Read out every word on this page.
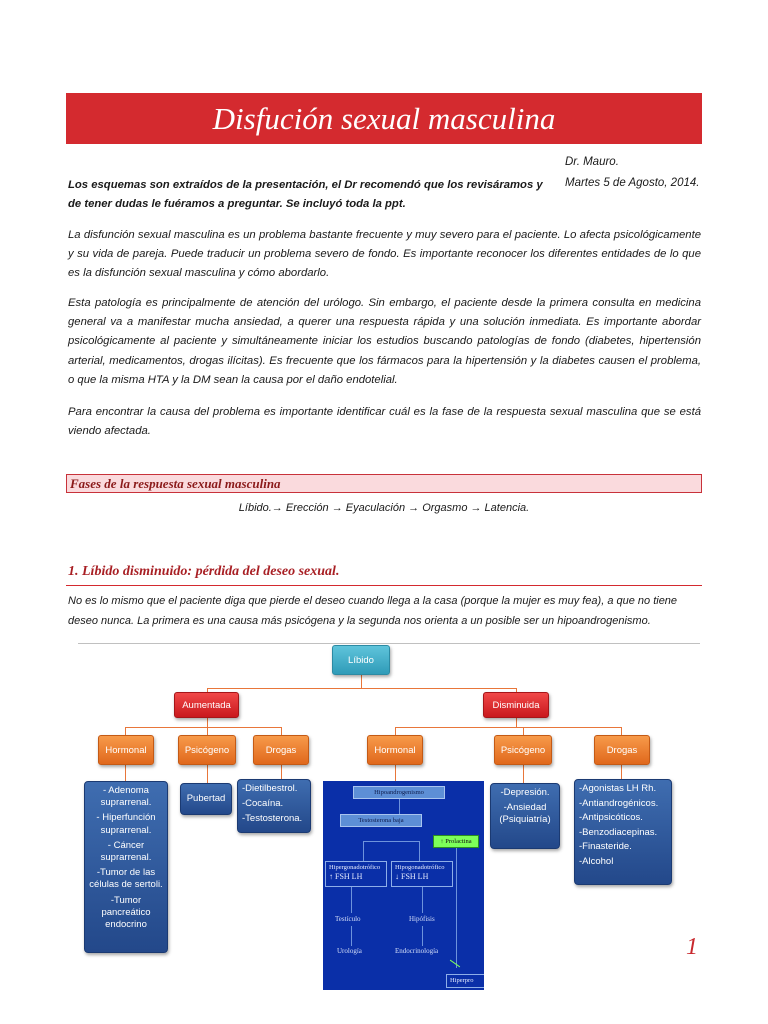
Disfución sexual masculina
Dr. Mauro.
Martes 5 de Agosto, 2014.

Los esquemas son extraídos de la presentación, el Dr recomendó que los revisáramos y de tener dudas le fuéramos a preguntar. Se incluyó toda la ppt.

La disfunción sexual masculina es un problema bastante frecuente y muy severo para el paciente. Lo afecta psicológicamente y su vida de pareja. Puede traducir un problema severo de fondo. Es importante reconocer los diferentes entidades de lo que es la disfunción sexual masculina y cómo abordarlo.

Esta patología es principalmente de atención del urólogo. Sin embargo, el paciente desde la primera consulta en medicina general va a manifestar mucha ansiedad, a querer una respuesta rápida y una solución inmediata. Es importante abordar psicológicamente al paciente y simultáneamente iniciar los estudios buscando patologías de fondo (diabetes, hipertensión arterial, medicamentos, drogas ilícitas). Es frecuente que los fármacos para la hipertensión y la diabetes causen el problema, o que la misma HTA y la DM sean la causa por el daño endotelial.

Para encontrar la causa del problema es importante identificar cuál es la fase de la respuesta sexual masculina que se está viendo afectada.

Fases de la respuesta sexual masculina
Líbido.→ Erección → Eyaculación → Orgasmo → Latencia.
1. Líbido disminuido: pérdida del deseo sexual.

No es lo mismo que el paciente diga que pierde el deseo cuando llega a la casa (porque la mujer es muy fea), a que no tiene deseo nunca. La primera es una causa más psicógena y la segunda nos orienta a un posible ser un hipoandrogenismo.

Líbido
Aumentada	Disminuida
Hormonal	Psicógeno	Drogas	Hormonal	Psicógeno	Drogas
- Adenoma suprarrenal.
- Hiperfunción suprarrenal.
- Cáncer suprarrenal.
-Tumor de las células de sertoli.
-Tumor pancreático endocrino
Pubertad
-Dietilbestrol.
-Cocaína.
-Testosterona.
-Depresión.
-Ansiedad (Psiquiatría)
-Agonistas LH Rh.
-Antiandrogénicos.
-Antipsicóticos.
-Benzodiacepinas.
-Finasteride.
-Alcohol
Hipoandrogenismo
Testosterona baja
↑ Prolactina
Hipergonadotrófico
↑ FSH LH
Hipogonadotrófico
↓ FSH LH
Testículo	Hipófisis
Urología	Endocrinología
Hiperpro
1
